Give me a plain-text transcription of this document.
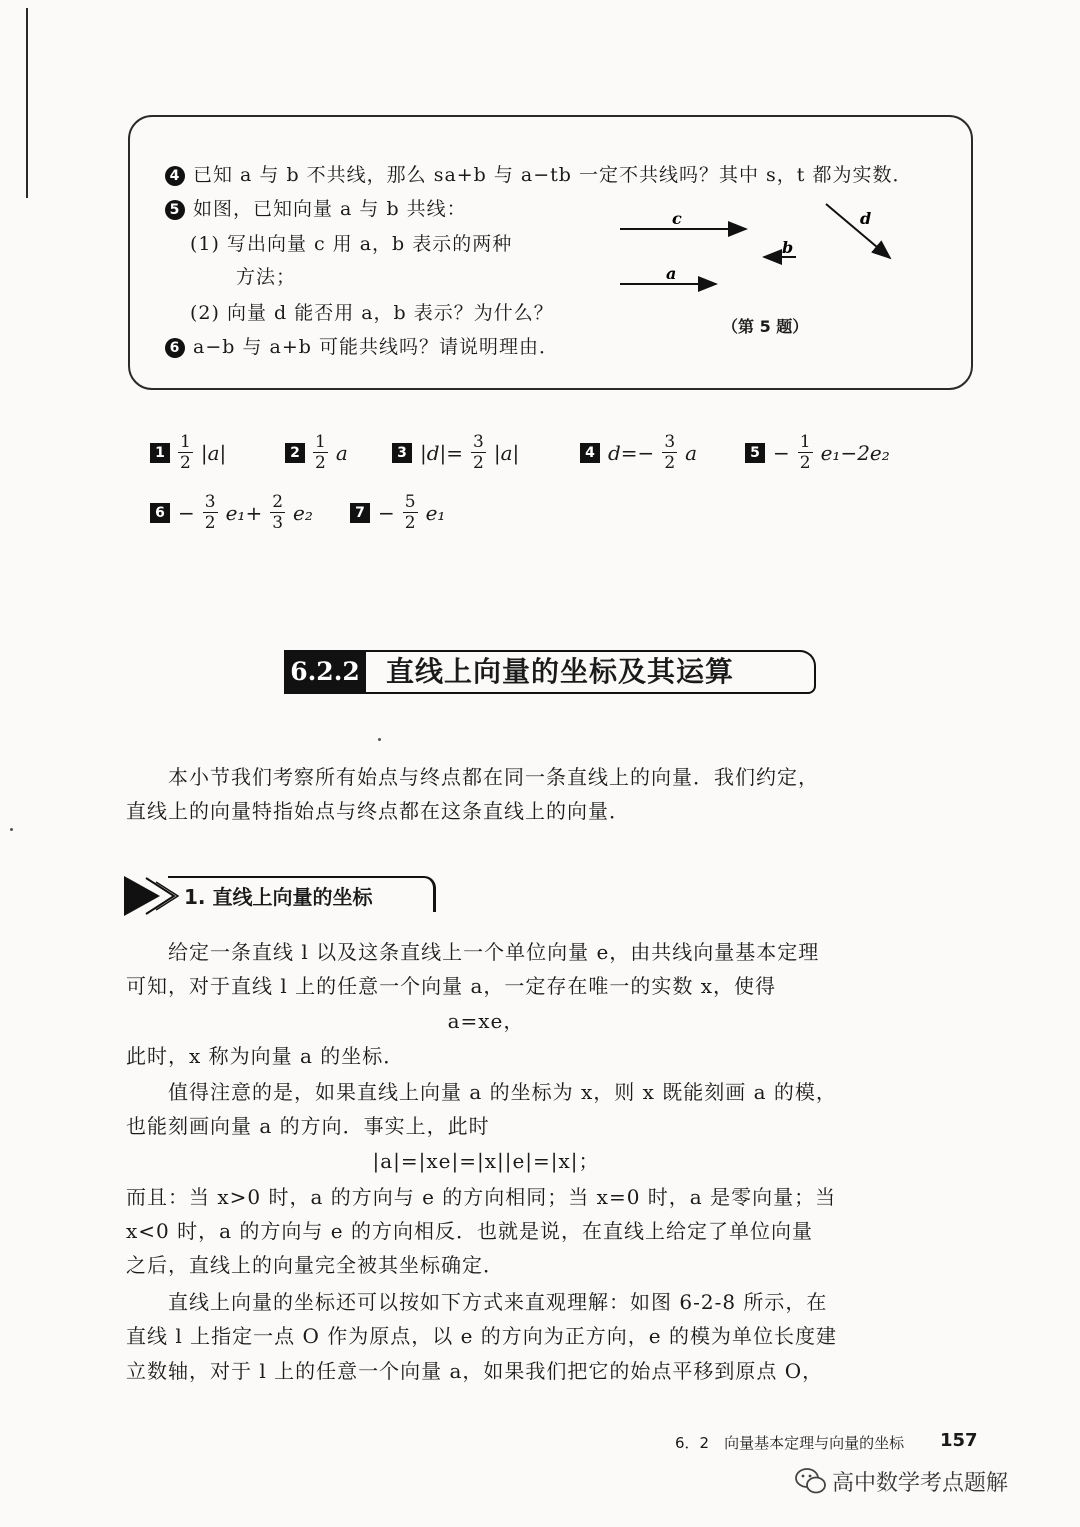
4 已知 a 与 b 不共线，那么 sa+b 与 a−tb 一定不共线吗？其中 s，t 都为实数．
5 如图，已知向量 a 与 b 共线：
(1) 写出向量 c 用 a，b 表示的两种
方法；
(2) 向量 d 能否用 a，b 表示？为什么？
6 a−b 与 a+b 可能共线吗？请说明理由．
c
b
a
d
（第 5 题）
$1 \frac{1}{2} |a|$	$2 \frac{1}{2}$ a	3 $|d|= \frac{3}{2} |a|$	4 $d=- \frac{3}{2}$ a	$5 - \frac{1}{2} e_1-2e_2$
$6 - \frac{3}{2} e_1+ \frac{2}{3} e_2$	$7 - \frac{5}{2} e_1$
6.2.2 直线上向量的坐标及其运算
本小节我们考察所有始点与终点都在同一条直线上的向量．我们约定，
直线上的向量特指始点与终点都在这条直线上的向量．
1. 直线上向量的坐标
给定一条直线 l 以及这条直线上一个单位向量 e，由共线向量基本定理
可知，对于直线 l 上的任意一个向量 a，一定存在唯一的实数 x，使得
a=xe，
此时，x 称为向量 a 的坐标．
值得注意的是，如果直线上向量 a 的坐标为 x，则 x 既能刻画 a 的模，
也能刻画向量 a 的方向．事实上，此时
|a|=|xe|=|x||e|=|x|；
而且：当 x>0 时，a 的方向与 e 的方向相同；当 x=0 时，a 是零向量；当
x<0 时，a 的方向与 e 的方向相反．也就是说，在直线上给定了单位向量
之后，直线上的向量完全被其坐标确定．
直线上向量的坐标还可以按如下方式来直观理解：如图 6-2-8 所示，在
直线 l 上指定一点 O 作为原点，以 e 的方向为正方向，e 的模为单位长度建
立数轴，对于 l 上的任意一个向量 a，如果我们把它的始点平移到原点 O，
6．2　向量基本定理与向量的坐标 157
高中数学考点题解
